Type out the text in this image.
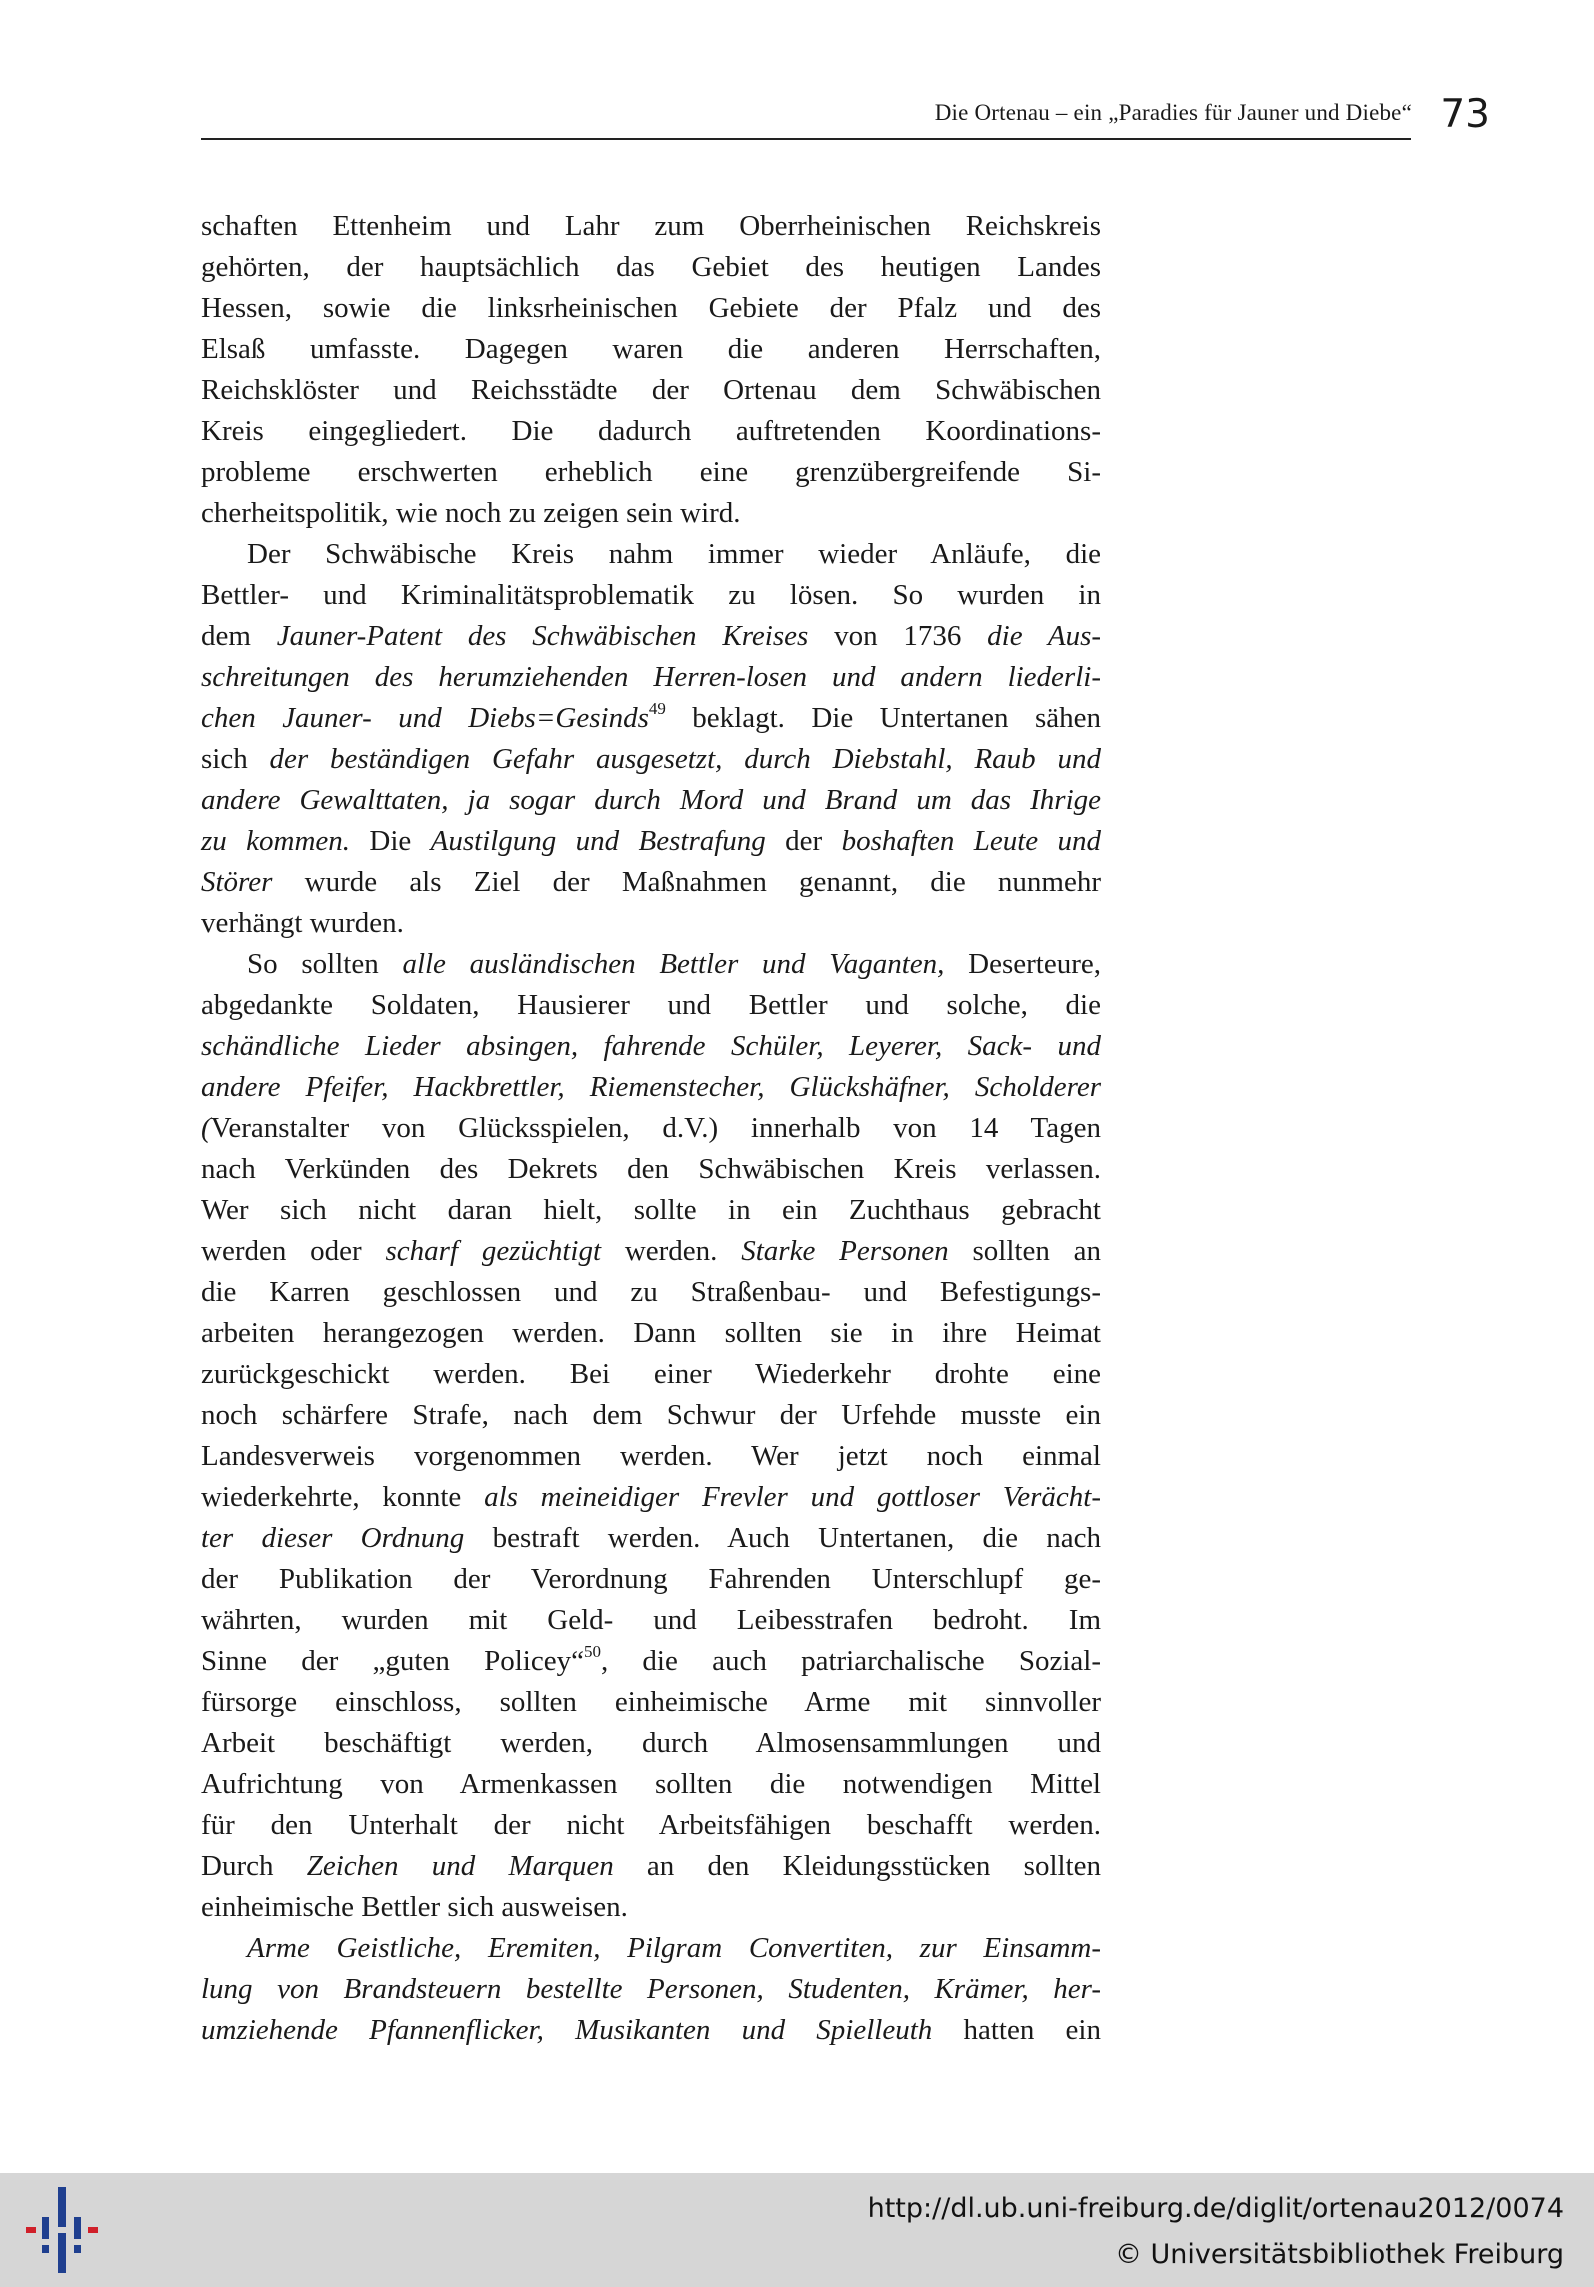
Die Ortenau – ein „Paradies für Jauner und Diebe“ 73
schaften Ettenheim und Lahr zum Oberrheinischen Reichskreis
gehörten, der hauptsächlich das Gebiet des heutigen Landes
Hessen, sowie die linksrheinischen Gebiete der Pfalz und des
Elsaß umfasste. Dagegen waren die anderen Herrschaften,
Reichsklöster und Reichsstädte der Ortenau dem Schwäbischen
Kreis eingegliedert. Die dadurch auftretenden Koordinations-
probleme erschwerten erheblich eine grenzübergreifende Si-
cherheitspolitik, wie noch zu zeigen sein wird.
Der Schwäbische Kreis nahm immer wieder Anläufe, die
Bettler- und Kriminalitätsproblematik zu lösen. So wurden in
dem Jauner-Patent des Schwäbischen Kreises von 1736 die Aus-
schreitungen des herumziehenden Herren-losen und andern liederli-
chen Jauner- und Diebs=Gesinds$^{49}$ beklagt. Die Untertanen sähen
sich der beständigen Gefahr ausgesetzt, durch Diebstahl, Raub und
andere Gewalttaten, ja sogar durch Mord und Brand um das Ihrige
zu kommen. Die Austilgung und Bestrafung der boshaften Leute und
Störer wurde als Ziel der Maßnahmen genannt, die nunmehr
verhängt wurden.
So sollten alle ausländischen Bettler und Vaganten, Deserteure,
abgedankte Soldaten, Hausierer und Bettler und solche, die
schändliche Lieder absingen, fahrende Schüler, Leyerer, Sack- und
andere Pfeifer, Hackbrettler, Riemenstecher, Glückshäfner, Scholderer
(Veranstalter von Glücksspielen, d.V.) innerhalb von 14 Tagen
nach Verkünden des Dekrets den Schwäbischen Kreis verlassen.
Wer sich nicht daran hielt, sollte in ein Zuchthaus gebracht
werden oder scharf gezüchtigt werden. Starke Personen sollten an
die Karren geschlossen und zu Straßenbau- und Befestigungs-
arbeiten herangezogen werden. Dann sollten sie in ihre Heimat
zurückgeschickt werden. Bei einer Wiederkehr drohte eine
noch schärfere Strafe, nach dem Schwur der Urfehde musste ein
Landesverweis vorgenommen werden. Wer jetzt noch einmal
wiederkehrte, konnte als meineidiger Frevler und gottloser Verächt-
ter dieser Ordnung bestraft werden. Auch Untertanen, die nach
der Publikation der Verordnung Fahrenden Unterschlupf ge-
währten, wurden mit Geld- und Leibesstrafen bedroht. Im
Sinne der „guten Policey“$^{50}$, die auch patriarchalische Sozial-
fürsorge einschloss, sollten einheimische Arme mit sinnvoller
Arbeit beschäftigt werden, durch Almosensammlungen und
Aufrichtung von Armenkassen sollten die notwendigen Mittel
für den Unterhalt der nicht Arbeitsfähigen beschafft werden.
Durch Zeichen und Marquen an den Kleidungsstücken sollten
einheimische Bettler sich ausweisen.
Arme Geistliche, Eremiten, Pilgram Convertiten, zur Einsamm-
lung von Brandsteuern bestellte Personen, Studenten, Krämer, her-
umziehende Pfannenflicker, Musikanten und Spielleuth hatten ein
http://dl.ub.uni-freiburg.de/diglit/ortenau2012/0074
© Universitätsbibliothek Freiburg
